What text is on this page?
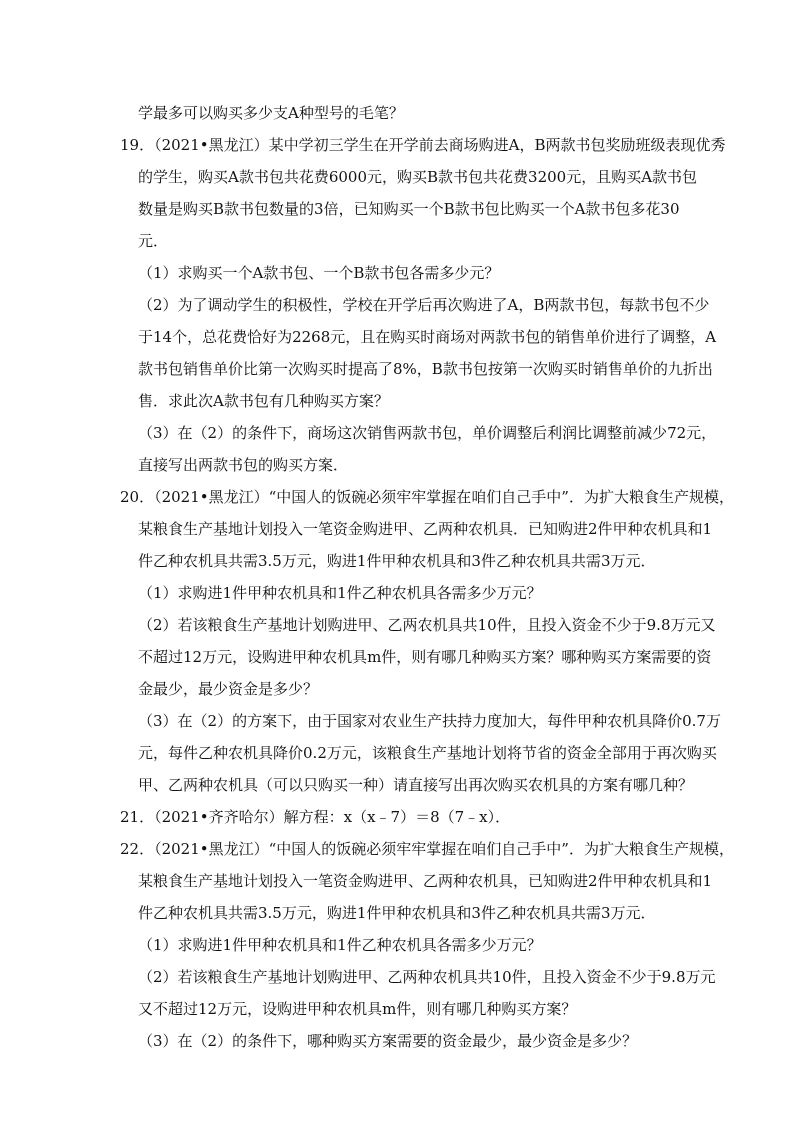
学最多可以购买多少支A种型号的毛笔？
19．（2021•黑龙江）某中学初三学生在开学前去商场购进A，B两款书包奖励班级表现优秀
的学生，购买A款书包共花费6000元，购买B款书包共花费3200元，且购买A款书包
数量是购买B款书包数量的3倍，已知购买一个B款书包比购买一个A款书包多花30
元．
（1）求购买一个A款书包、一个B款书包各需多少元？
（2）为了调动学生的积极性，学校在开学后再次购进了A，B两款书包，每款书包不少
于14个，总花费恰好为2268元，且在购买时商场对两款书包的销售单价进行了调整，A
款书包销售单价比第一次购买时提高了8%，B款书包按第一次购买时销售单价的九折出
售．求此次A款书包有几种购买方案？
（3）在（2）的条件下，商场这次销售两款书包，单价调整后利润比调整前减少72元，
直接写出两款书包的购买方案．
20．（2021•黑龙江）“中国人的饭碗必须牢牢掌握在咱们自己手中”．为扩大粮食生产规模，
某粮食生产基地计划投入一笔资金购进甲、乙两种农机具．已知购进2件甲种农机具和1
件乙种农机具共需3.5万元，购进1件甲种农机具和3件乙种农机具共需3万元．
（1）求购进1件甲种农机具和1件乙种农机具各需多少万元？
（2）若该粮食生产基地计划购进甲、乙两农机具共10件，且投入资金不少于9.8万元又
不超过12万元，设购进甲种农机具m件，则有哪几种购买方案？哪种购买方案需要的资
金最少，最少资金是多少？
（3）在（2）的方案下，由于国家对农业生产扶持力度加大，每件甲种农机具降价0.7万
元，每件乙种农机具降价0.2万元，该粮食生产基地计划将节省的资金全部用于再次购买
甲、乙两种农机具（可以只购买一种）请直接写出再次购买农机具的方案有哪几种？
21．（2021•齐齐哈尔）解方程：x（x﹣7）＝8（7﹣x）．
22．（2021•黑龙江）“中国人的饭碗必须牢牢掌握在咱们自己手中”．为扩大粮食生产规模，
某粮食生产基地计划投入一笔资金购进甲、乙两种农机具，已知购进2件甲种农机具和1
件乙种农机具共需3.5万元，购进1件甲种农机具和3件乙种农机具共需3万元．
（1）求购进1件甲种农机具和1件乙种农机具各需多少万元？
（2）若该粮食生产基地计划购进甲、乙两种农机具共10件，且投入资金不少于9.8万元
又不超过12万元，设购进甲种农机具m件，则有哪几种购买方案？
（3）在（2）的条件下，哪种购买方案需要的资金最少，最少资金是多少？
